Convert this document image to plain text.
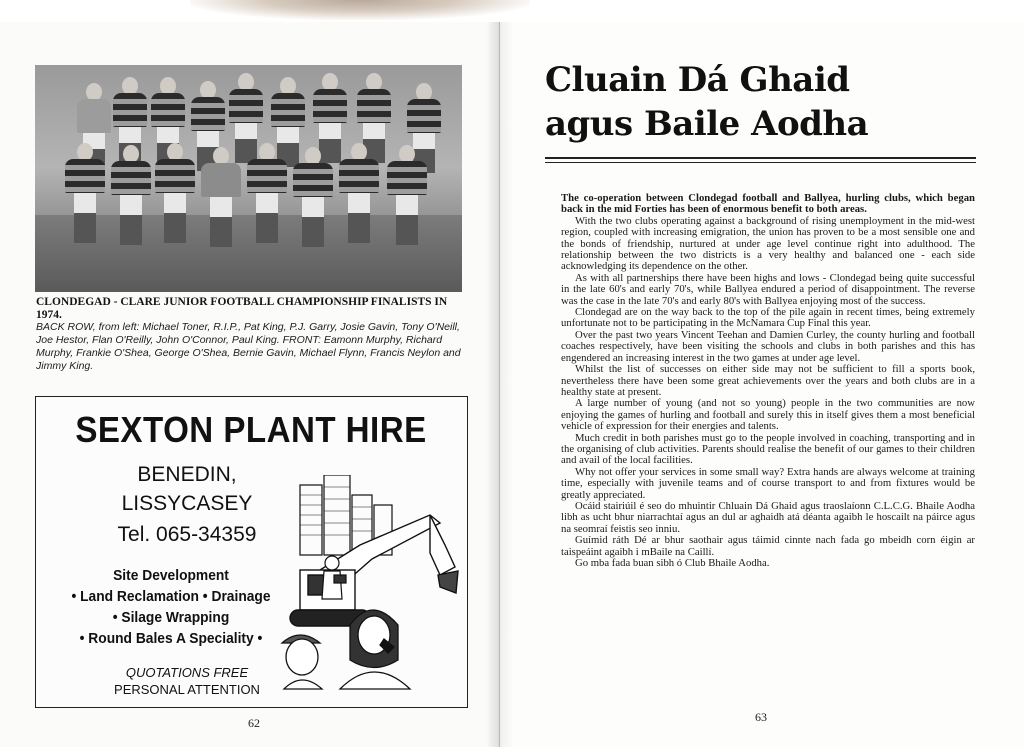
CLONDEGAD - CLARE JUNIOR FOOTBALL CHAMPIONSHIP FINALISTS IN 1974.

BACK ROW, from left: Michael Toner, R.I.P., Pat King, P.J. Garry, Josie Gavin, Tony O'Neill, Joe Hestor, Flan O'Reilly, John O'Connor, Paul King. FRONT: Eamonn Murphy, Richard Murphy, Frankie O'Shea, George O'Shea, Bernie Gavin, Michael Flynn, Francis Neylon and Jimmy King.

SEXTON PLANT HIRE
BENEDIN,
LISSYCASEY
Tel. 065-34359
Site Development
• Land Reclamation • Drainage
• Silage Wrapping
• Round Bales A Speciality •
QUOTATIONS FREE
PERSONAL ATTENTION
62
Cluain Dá Ghaid
agus Baile Aodha

The co-operation between Clondegad football and Ballyea, hurling clubs, which began back in the mid Forties has been of enormous benefit to both areas.

With the two clubs operating against a background of rising unemployment in the mid-west region, coupled with increasing emigration, the union has proven to be a most sensible one and the bonds of friendship, nurtured at under age level continue right into adulthood. The relationship between the two districts is a very healthy and balanced one - each side acknowledging its dependence on the other.

As with all partnerships there have been highs and lows - Clondegad being quite successful in the late 60's and early 70's, while Ballyea endured a period of disappointment. The reverse was the case in the late 70's and early 80's with Ballyea enjoying most of the success.

Clondegad are on the way back to the top of the pile again in recent times, being extremely unfortunate not to be participating in the McNamara Cup Final this year.

Over the past two years Vincent Teehan and Damien Curley, the county hurling and football coaches respectively, have been visiting the schools and clubs in both parishes and this has engendered an increasing interest in the two games at under age level.

Whilst the list of successes on either side may not be sufficient to fill a sports book, nevertheless there have been some great achievements over the years and both clubs are in a healthy state at present.

A large number of young (and not so young) people in the two communities are now enjoying the games of hurling and football and surely this in itself gives them a most beneficial vehicle of expression for their energies and talents.

Much credit in both parishes must go to the people involved in coaching, transporting and in the organising of club activities. Parents should realise the benefit of our games to their children and avail of the local facilities.

Why not offer your services in some small way? Extra hands are always welcome at training time, especially with juvenile teams and of course transport to and from fixtures would be greatly appreciated.

Ocáid stairiúil é seo do mhuintir Chluain Dá Ghaid agus traoslaíonn C.L.C.G. Bhaile Aodha libh as ucht bhur niarrachtaí agus an dul ar aghaidh atá déanta agaibh le hoscailt na páirce agus na seomraí feistis seo inniu.

Guímid ráth Dé ar bhur saothair agus táimid cinnte nach fada go mbeidh corn éigin ar taispeáint agaibh i mBaile na Caillí.

Go mba fada buan sibh ó Club Bhaile Aodha.

63
